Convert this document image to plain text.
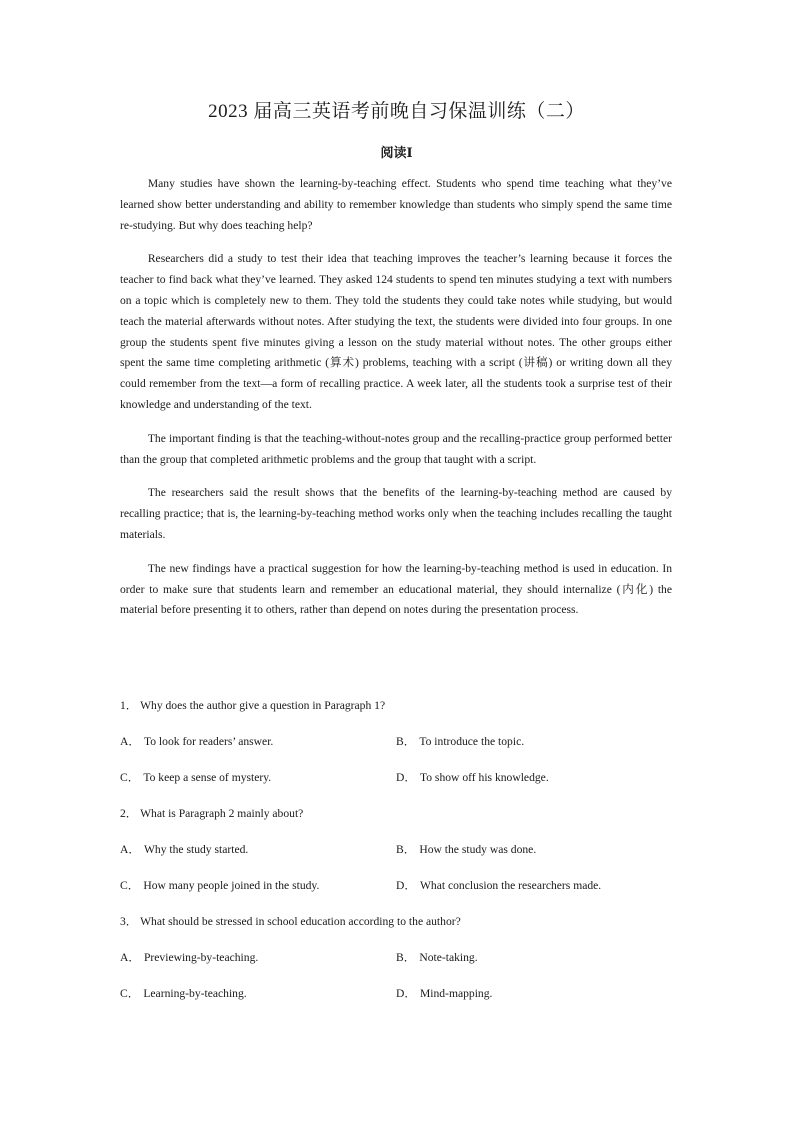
2023 届高三英语考前晚自习保温训练（二）
阅读Ⅰ

Many studies have shown the learning-by-teaching effect. Students who spend time teaching what they’ve learned show better understanding and ability to remember knowledge than students who simply spend the same time re-studying. But why does teaching help?

Researchers did a study to test their idea that teaching improves the teacher’s learning because it forces the teacher to find back what they’ve learned. They asked 124 students to spend ten minutes studying a text with numbers on a topic which is completely new to them. They told the students they could take notes while studying, but would teach the material afterwards without notes. After studying the text, the students were divided into four groups. In one group the students spent five minutes giving a lesson on the study material without notes. The other groups either spent the same time completing arithmetic (算术) problems, teaching with a script (讲稿) or writing down all they could remember from the text—a form of recalling practice. A week later, all the students took a surprise test of their knowledge and understanding of the text.

The important finding is that the teaching-without-notes group and the recalling-practice group performed better than the group that completed arithmetic problems and the group that taught with a script.

The researchers said the result shows that the benefits of the learning-by-teaching method are caused by recalling practice; that is, the learning-by-teaching method works only when the teaching includes recalling the taught materials.

The new findings have a practical suggestion for how the learning-by-teaching method is used in education. In order to make sure that students learn and remember an educational material, they should internalize (内化) the material before presenting it to others, rather than depend on notes during the presentation process.

1． Why does the author give a question in Paragraph 1?
A． To look for readers’ answer.	B． To introduce the topic.
C． To keep a sense of mystery.	D． To show off his knowledge.
2． What is Paragraph 2 mainly about?
A． Why the study started.	B． How the study was done.
C． How many people joined in the study.	D． What conclusion the researchers made.
3． What should be stressed in school education according to the author?
A． Previewing-by-teaching.	B． Note-taking.
C． Learning-by-teaching.	D． Mind-mapping.
